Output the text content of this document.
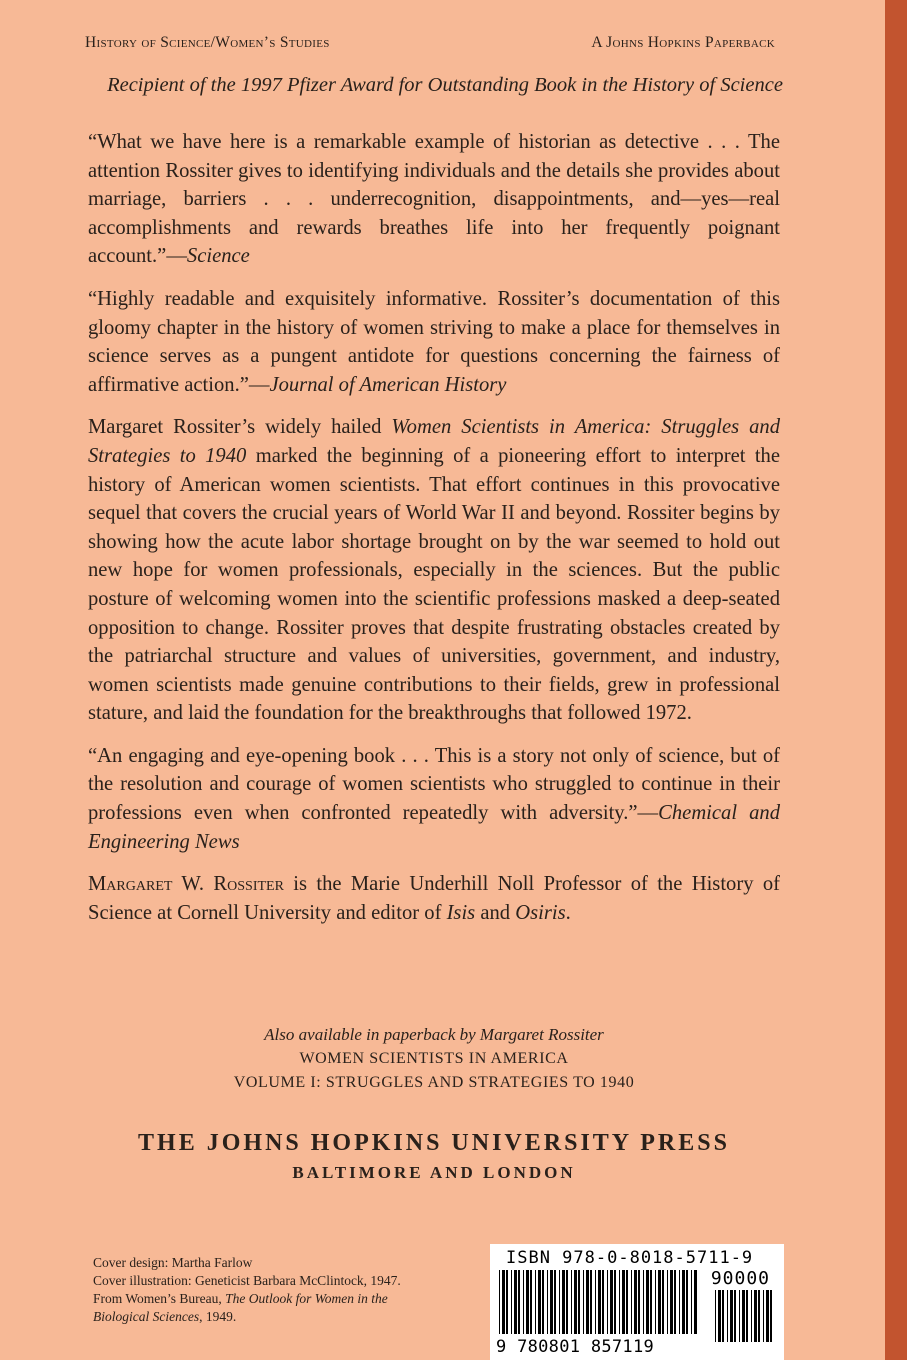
History of Science/Women’s Studies	A Johns Hopkins Paperback
Recipient of the 1997 Pfizer Award for Outstanding Book in the History of Science

“What we have here is a remarkable example of historian as detective . . . The attention Rossiter gives to identifying individuals and the details she provides about marriage, barriers . . . underrecognition, disappointments, and—yes—real accomplishments and rewards breathes life into her frequently poignant account.”—Science

“Highly readable and exquisitely informative. Rossiter’s documentation of this gloomy chapter in the history of women striving to make a place for themselves in science serves as a pungent antidote for questions concerning the fairness of affirmative action.”—Journal of American History

Margaret Rossiter’s widely hailed Women Scientists in America: Struggles and Strategies to 1940 marked the beginning of a pioneering effort to interpret the history of American women scientists. That effort continues in this provocative sequel that covers the crucial years of World War II and beyond. Rossiter begins by showing how the acute labor shortage brought on by the war seemed to hold out new hope for women professionals, especially in the sciences. But the public posture of welcoming women into the scientific professions masked a deep-seated opposition to change. Rossiter proves that despite frustrating obstacles created by the patriarchal structure and values of universities, government, and industry, women scientists made genuine contributions to their fields, grew in professional stature, and laid the foundation for the breakthroughs that followed 1972.

“An engaging and eye-opening book . . . This is a story not only of science, but of the resolution and courage of women scientists who struggled to continue in their professions even when confronted repeatedly with adversity.”—Chemical and Engineering News

Margaret W. Rossiter is the Marie Underhill Noll Professor of the History of Science at Cornell University and editor of Isis and Osiris.

Also available in paperback by Margaret Rossiter
WOMEN SCIENTISTS IN AMERICA
VOLUME I: STRUGGLES AND STRATEGIES TO 1940
THE JOHNS HOPKINS UNIVERSITY PRESS
BALTIMORE AND LONDON
Cover design: Martha Farlow
Cover illustration: Geneticist Barbara McClintock, 1947. From Women’s Bureau, The Outlook for Women in the Biological Sciences, 1949.
ISBN 978-0-8018-5711-9
90000
9 780801 857119
